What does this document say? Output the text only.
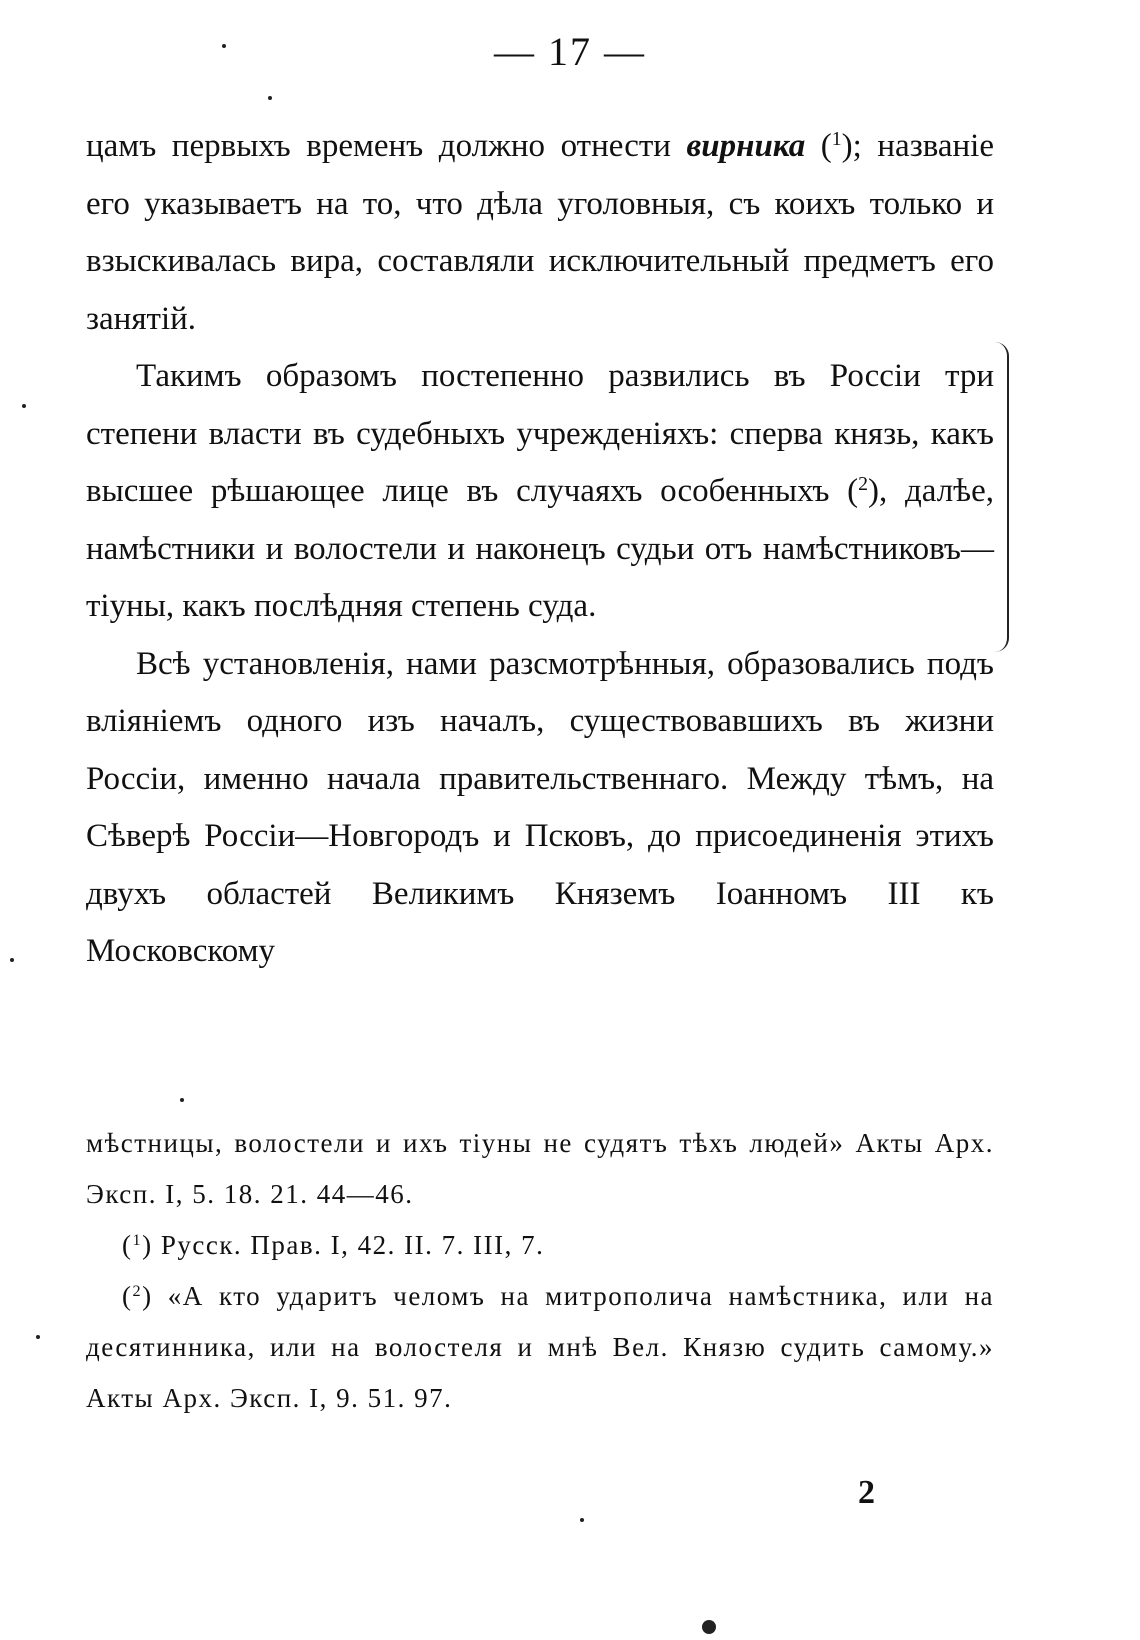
— 17 —

цамъ первыхъ временъ должно отнести вирника ($^1$); названіе его указываетъ на то, что дѣла уголовныя, съ коихъ только и взыскивалась вира, составляли исключительный предметъ его занятій.

Такимъ образомъ постепенно развились въ Россіи три степени власти въ судебныхъ учрежденіяхъ: сперва князь, какъ высшее рѣшающее лице въ случаяхъ особенныхъ ($^2$), далѣе, намѣстники и волостели и наконецъ судьи отъ намѣстниковъ—тіуны, какъ послѣдняя степень суда.

Всѣ установленія, нами разсмотрѣнныя, образовались подъ вліяніемъ одного изъ началъ, существовавшихъ въ жизни Россіи, именно начала правительственнаго. Между тѣмъ, на Сѣверѣ Россіи—Новгородъ и Псковъ, до присоединенія этихъ двухъ областей Великимъ Княземъ Іоанномъ III къ Московскому

мѣстницы, волостели и ихъ тіуны не судятъ тѣхъ людей» Акты Арх. Эксп. I, 5. 18. 21. 44—46.

($^1$) Русск. Прав. I, 42. II. 7. III, 7.

($^2$) «А кто ударитъ челомъ на митрополича намѣстника, или на десятинника, или на волостеля и мнѣ Вел. Князю судить самому.» Акты Арх. Эксп. I, 9. 51. 97.

2
